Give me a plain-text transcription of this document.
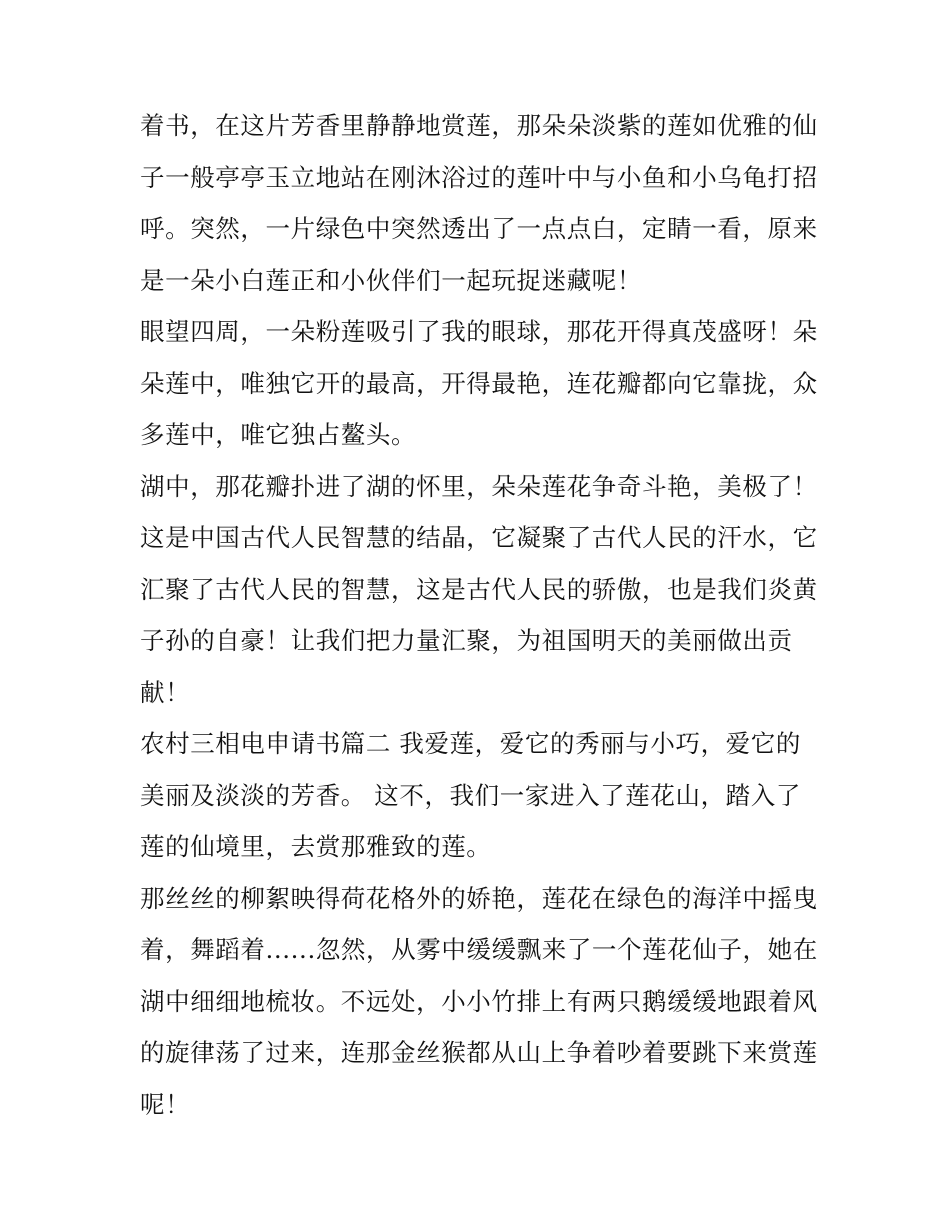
着书，在这片芳香里静静地赏莲，那朵朵淡紫的莲如优雅的仙
子一般亭亭玉立地站在刚沐浴过的莲叶中与小鱼和小乌龟打招
呼。突然，一片绿色中突然透出了一点点白，定睛一看，原来
是一朵小白莲正和小伙伴们一起玩捉迷藏呢！

眼望四周，一朵粉莲吸引了我的眼球，那花开得真茂盛呀！朵
朵莲中，唯独它开的最高，开得最艳，连花瓣都向它靠拢，众
多莲中，唯它独占鳌头。

湖中，那花瓣扑进了湖的怀里，朵朵莲花争奇斗艳，美极了！
这是中国古代人民智慧的结晶，它凝聚了古代人民的汗水，它
汇聚了古代人民的智慧，这是古代人民的骄傲，也是我们炎黄
子孙的自豪！让我们把力量汇聚，为祖国明天的美丽做出贡
献！

农村三相电申请书篇二 我爱莲，爱它的秀丽与小巧，爱它的
美丽及淡淡的芳香。 这不，我们一家进入了莲花山，踏入了
莲的仙境里，去赏那雅致的莲。

那丝丝的柳絮映得荷花格外的娇艳，莲花在绿色的海洋中摇曳
着，舞蹈着......忽然，从雾中缓缓飘来了一个莲花仙子，她在
湖中细细地梳妆。不远处，小小竹排上有两只鹅缓缓地跟着风
的旋律荡了过来，连那金丝猴都从山上争着吵着要跳下来赏莲
呢！
